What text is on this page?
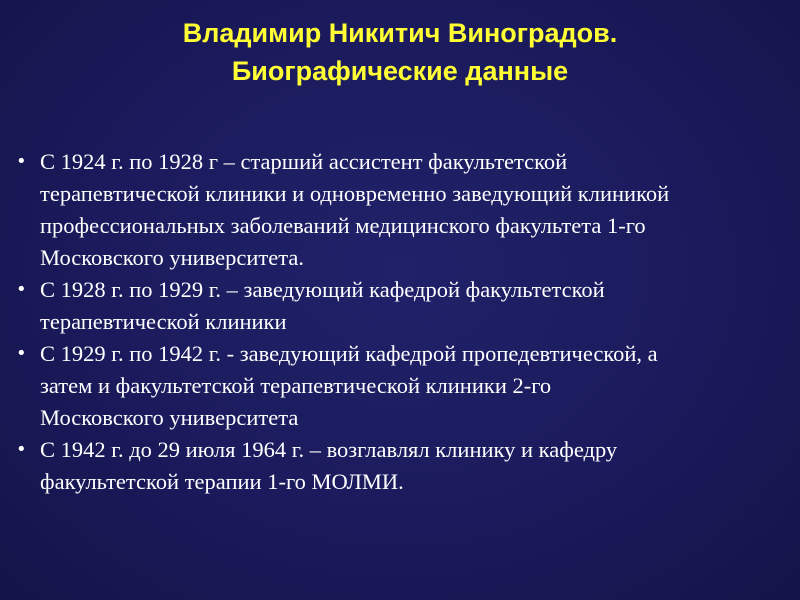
Владимир Никитич Виноградов.
Биографические данные
• С 1924 г. по 1928 г – старший ассистент факультетской
терапевтической клиники и одновременно заведующий клиникой
профессиональных заболеваний медицинского факультета 1-го
Московского университета.
• С 1928 г. по 1929 г. – заведующий кафедрой факультетской
терапевтической клиники
• С 1929 г. по 1942 г. - заведующий кафедрой пропедевтической, а
затем и факультетской терапевтической клиники 2-го
Московского университета
• С 1942 г. до 29 июля 1964 г. – возглавлял клинику и кафедру
факультетской терапии 1-го МОЛМИ.
